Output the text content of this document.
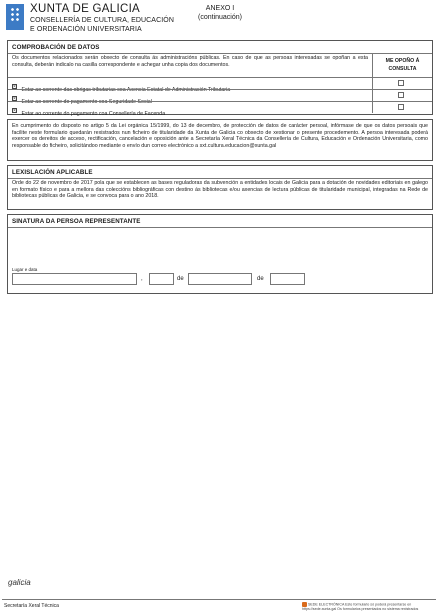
XUNTA DE GALICIA
CONSELLERÍA DE CULTURA, EDUCACIÓN
E ORDENACIÓN UNIVERSITARIA
ANEXO I
(continuación)
COMPROBACIÓN DE DATOS
Os documentos relacionados serán obxecto de consulta ás administracións públicas. En caso de que as persoas interesadas se opoñan a esta consulta, deberán indicalo na casilla correspondente e achegar unha copia dos documentos.
ME OPOÑO Á
CONSULTA
× Estar ao corrente das obrigas tributarias coa Axencia Estatal de Administración Tributaria
× Estar ao corrente do pagamento coa Seguridade Social
× Estar ao corrente do pagamento coa Consellería de Facenda
En cumprimento do disposto no artigo 5 da Lei orgánica 15/1999, do 13 de decembro, de protección de datos de carácter persoal, infórmase de que os datos persoais que facilite neste formulario quedarán rexistrados nun ficheiro de titularidade da Xunta de Galicia co obxecto de xestionar o presente procedemento. A persoa interesada poderá exercer os dereitos de acceso, rectificación, cancelación e oposición ante a Secretaría Xeral Técnica da Consellería de Cultura, Educación e Ordenación Universitaria, como responsable do ficheiro, solicitándoo mediante o envío dun correo electrónico a sxt.cultura.educacion@xunta.gal
LEXISLACIÓN APLICABLE
Orde do 22 de novembro de 2017 pola que se establecen as bases reguladoras da subvención a entidades locais de Galicia para a dotación de novidades editoriais en galego en formato físico e para a mellora das coleccións bibliográficas con destino ás bibliotecas e/ou axencias de lectura públicas de titularidade municipal, integradas na Rede de bibliotecas públicas de Galicia, e se convoca para o ano 2018.
SINATURA DA PERSOA REPRESENTANTE
Lugar e data
,	de	de
galicia
Secretaría Xeral Técnica	SEDE ELECTRÓNICA Este formulario só poderá presentarse en
https://sede.xunta.gal Os formularios presentados no sistema rexistrados
